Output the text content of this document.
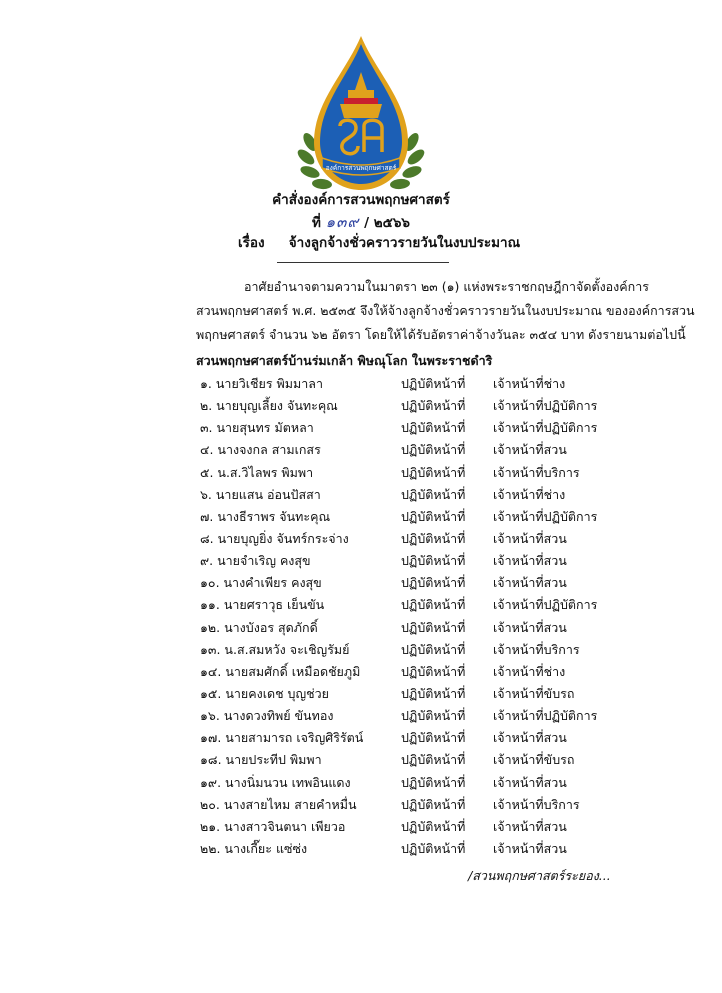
องค์การสวนพฤกษศาสตร์
คำสั่งองค์การสวนพฤกษศาสตร์
ที่ ๑๓๙ / ๒๕๖๖
เรื่อง จ้างลูกจ้างชั่วคราวรายวันในงบประมาณ
อาศัยอำนาจตามความในมาตรา ๒๓ (๑) แห่งพระราชกฤษฎีกาจัดตั้งองค์การ
สวนพฤกษศาสตร์ พ.ศ. ๒๕๓๕ จึงให้จ้างลูกจ้างชั่วคราวรายวันในงบประมาณ ขององค์การสวน
พฤกษศาสตร์ จำนวน ๖๒ อัตรา โดยให้ได้รับอัตราค่าจ้างวันละ ๓๕๔ บาท ดังรายนามต่อไปนี้
สวนพฤกษศาสตร์บ้านร่มเกล้า พิษณุโลก ในพระราชดำริ
๑. นายวิเชียร พิมมาลา	ปฏิบัติหน้าที่ เจ้าหน้าที่ช่าง
๒. นายบุญเลี้ยง จันทะคุณ	ปฏิบัติหน้าที่ เจ้าหน้าที่ปฏิบัติการ
๓. นายสุนทร มัตหลา	ปฏิบัติหน้าที่ เจ้าหน้าที่ปฏิบัติการ
๔. นางจงกล สามเกสร	ปฏิบัติหน้าที่ เจ้าหน้าที่สวน
๕. น.ส.วิไลพร พิมพา	ปฏิบัติหน้าที่ เจ้าหน้าที่บริการ
๖. นายแสน อ่อนปัสสา	ปฏิบัติหน้าที่ เจ้าหน้าที่ช่าง
๗. นางธีราพร จันทะคุณ	ปฏิบัติหน้าที่ เจ้าหน้าที่ปฏิบัติการ
๘. นายบุญยิ่ง จันทร์กระจ่าง	ปฏิบัติหน้าที่ เจ้าหน้าที่สวน
๙. นายจำเริญ คงสุข	ปฏิบัติหน้าที่ เจ้าหน้าที่สวน
๑๐. นางคำเพียร คงสุข	ปฏิบัติหน้าที่ เจ้าหน้าที่สวน
๑๑. นายศราวุธ เย็นขัน	ปฏิบัติหน้าที่ เจ้าหน้าที่ปฏิบัติการ
๑๒. นางบังอร สุดภักดิ์	ปฏิบัติหน้าที่ เจ้าหน้าที่สวน
๑๓. น.ส.สมหวัง จะเชิญรัมย์	ปฏิบัติหน้าที่ เจ้าหน้าที่บริการ
๑๔. นายสมศักดิ์ เหมือดชัยภูมิ	ปฏิบัติหน้าที่ เจ้าหน้าที่ช่าง
๑๕. นายคงเดช บุญช่วย	ปฏิบัติหน้าที่ เจ้าหน้าที่ขับรถ
๑๖. นางดวงทิพย์ ขันทอง	ปฏิบัติหน้าที่ เจ้าหน้าที่ปฏิบัติการ
๑๗. นายสามารถ เจริญศิริรัตน์	ปฏิบัติหน้าที่ เจ้าหน้าที่สวน
๑๘. นายประทีป พิมพา	ปฏิบัติหน้าที่ เจ้าหน้าที่ขับรถ
๑๙. นางนิ่มนวน เทพอินแดง	ปฏิบัติหน้าที่ เจ้าหน้าที่สวน
๒๐. นางสายไหม สายคำหมื่น	ปฏิบัติหน้าที่ เจ้าหน้าที่บริการ
๒๑. นางสาวจินตนา เพียวอ	ปฏิบัติหน้าที่ เจ้าหน้าที่สวน
๒๒. นางเกี๊ยะ แซ่ซ่ง	ปฏิบัติหน้าที่ เจ้าหน้าที่สวน
/สวนพฤกษศาสตร์ระยอง...
